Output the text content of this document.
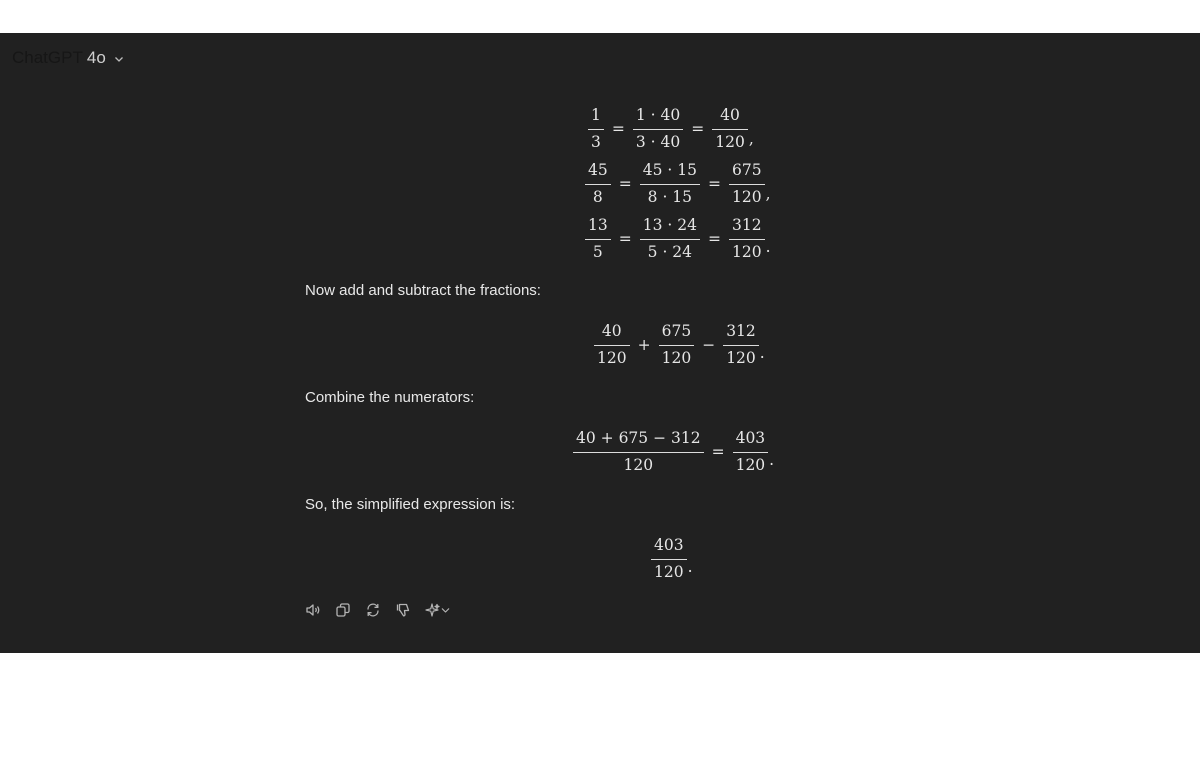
ChatGPT 4o
$\frac{1}{3} = \frac{1 \cdot 40}{3 \cdot 40} = \frac{40}{120}$ ,
$\frac{45}{8} = \frac{45 \cdot 15}{8 \cdot 15} = \frac{675}{120}$ ,
$\frac{13}{5} = \frac{13 \cdot 24}{5 \cdot 24} = \frac{312}{120}$ .

Now add and subtract the fractions:

$\frac{40}{120} + \frac{675}{120} - \frac{312}{120}$ .

Combine the numerators:

$\frac{40 + 675 - 312}{120} = \frac{403}{120}$ .

So, the simplified expression is:

$\frac{403}{120}$ .
